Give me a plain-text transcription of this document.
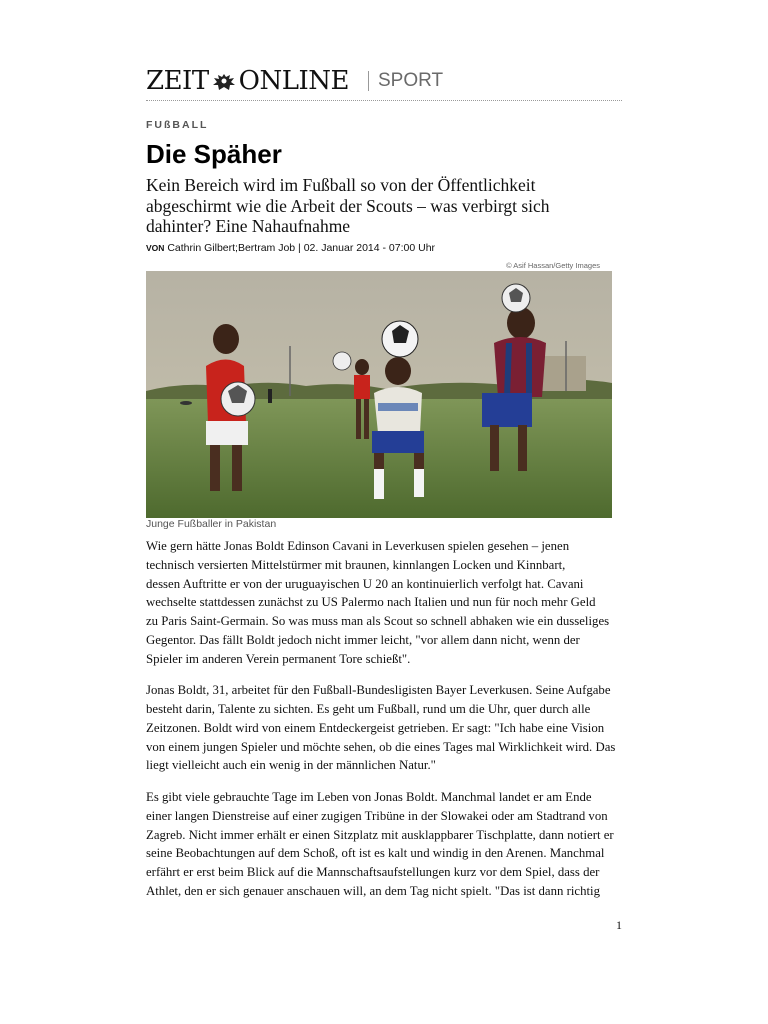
ZEIT ONLINE SPORT
FUßBALL
Die Späher

Kein Bereich wird im Fußball so von der Öffentlichkeit abgeschirmt wie die Arbeit der Scouts – was verbirgt sich dahinter? Eine Nahaufnahme

VON Cathrin Gilbert;Bertram Job | 02. Januar 2014 - 07:00 Uhr
© Asif Hassan/Getty Images
Junge Fußballer in Pakistan

Wie gern hätte Jonas Boldt Edinson Cavani in Leverkusen spielen gesehen – jenen
technisch versierten Mittelstürmer mit braunen, kinnlangen Locken und Kinnbart,
dessen Auftritte er von der uruguayischen U 20 an kontinuierlich verfolgt hat. Cavani
wechselte stattdessen zunächst zu US Palermo nach Italien und nun für noch mehr Geld
zu Paris Saint-Germain. So was muss man als Scout so schnell abhaken wie ein dusseliges
Gegentor. Das fällt Boldt jedoch nicht immer leicht, "vor allem dann nicht, wenn der
Spieler im anderen Verein permanent Tore schießt".

Jonas Boldt, 31, arbeitet für den Fußball-Bundesligisten Bayer Leverkusen. Seine Aufgabe
besteht darin, Talente zu sichten. Es geht um Fußball, rund um die Uhr, quer durch alle
Zeitzonen. Boldt wird von einem Entdeckergeist getrieben. Er sagt: "Ich habe eine Vision
von einem jungen Spieler und möchte sehen, ob die eines Tages mal Wirklichkeit wird. Das
liegt vielleicht auch ein wenig in der männlichen Natur."

Es gibt viele gebrauchte Tage im Leben von Jonas Boldt. Manchmal landet er am Ende
einer langen Dienstreise auf einer zugigen Tribüne in der Slowakei oder am Stadtrand von
Zagreb. Nicht immer erhält er einen Sitzplatz mit ausklappbarer Tischplatte, dann notiert er
seine Beobachtungen auf dem Schoß, oft ist es kalt und windig in den Arenen. Manchmal
erfährt er erst beim Blick auf die Mannschaftsaufstellungen kurz vor dem Spiel, dass der
Athlet, den er sich genauer anschauen will, an dem Tag nicht spielt. "Das ist dann richtig

1
